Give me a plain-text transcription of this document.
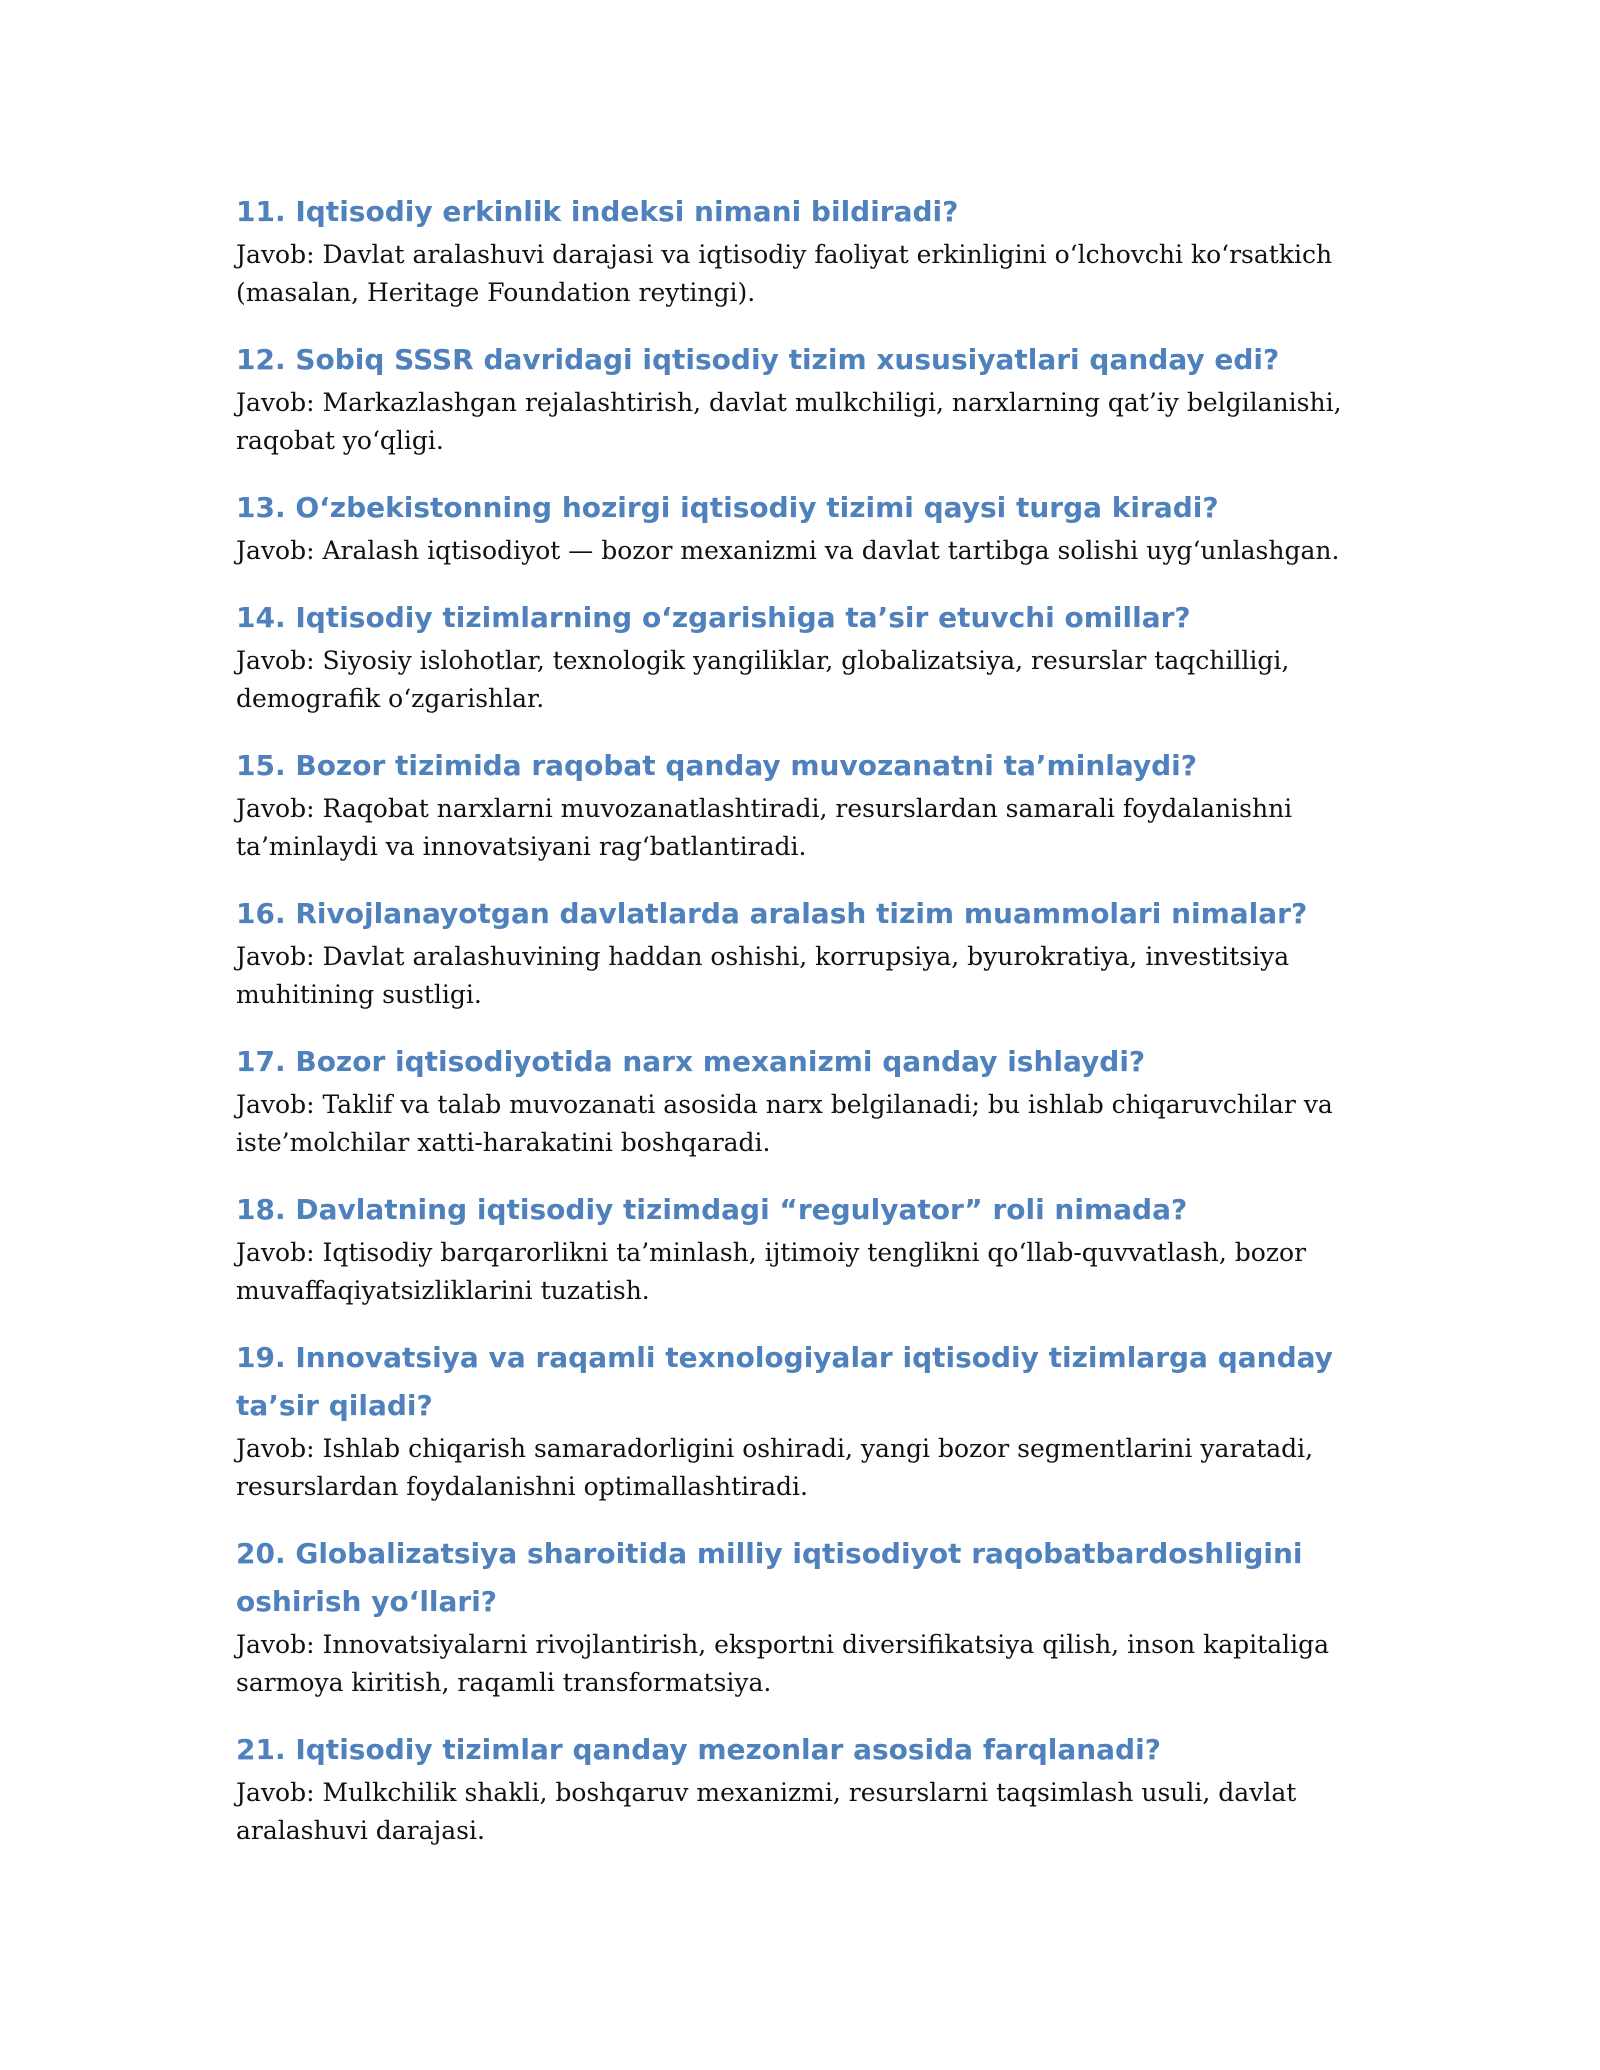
11. Iqtisodiy erkinlik indeksi nimani bildiradi?

Javob: Davlat aralashuvi darajasi va iqtisodiy faoliyat erkinligini o‘lchovchi ko‘rsatkich (masalan, Heritage Foundation reytingi).

12. Sobiq SSSR davridagi iqtisodiy tizim xususiyatlari qanday edi?

Javob: Markazlashgan rejalashtirish, davlat mulkchiligi, narxlarning qat’iy belgilanishi, raqobat yo‘qligi.

13. O‘zbekistonning hozirgi iqtisodiy tizimi qaysi turga kiradi?

Javob: Aralash iqtisodiyot — bozor mexanizmi va davlat tartibga solishi uyg‘unlashgan.

14. Iqtisodiy tizimlarning o‘zgarishiga ta’sir etuvchi omillar?

Javob: Siyosiy islohotlar, texnologik yangiliklar, globalizatsiya, resurslar taqchilligi, demografik o‘zgarishlar.

15. Bozor tizimida raqobat qanday muvozanatni ta’minlaydi?

Javob: Raqobat narxlarni muvozanatlashtiradi, resurslardan samarali foydalanishni ta’minlaydi va innovatsiyani rag‘batlantiradi.

16. Rivojlanayotgan davlatlarda aralash tizim muammolari nimalar?

Javob: Davlat aralashuvining haddan oshishi, korrupsiya, byurokratiya, investitsiya muhitining sustligi.

17. Bozor iqtisodiyotida narx mexanizmi qanday ishlaydi?

Javob: Taklif va talab muvozanati asosida narx belgilanadi; bu ishlab chiqaruvchilar va iste’molchilar xatti-harakatini boshqaradi.

18. Davlatning iqtisodiy tizimdagi “regulyator” roli nimada?

Javob: Iqtisodiy barqarorlikni ta’minlash, ijtimoiy tenglikni qo‘llab-quvvatlash, bozor muvaffaqiyatsizliklarini tuzatish.

19. Innovatsiya va raqamli texnologiyalar iqtisodiy tizimlarga qanday ta’sir qiladi?

Javob: Ishlab chiqarish samaradorligini oshiradi, yangi bozor segmentlarini yaratadi, resurslardan foydalanishni optimallashtiradi.

20. Globalizatsiya sharoitida milliy iqtisodiyot raqobatbardoshligini oshirish yo‘llari?

Javob: Innovatsiyalarni rivojlantirish, eksportni diversifikatsiya qilish, inson kapitaliga sarmoya kiritish, raqamli transformatsiya.

21. Iqtisodiy tizimlar qanday mezonlar asosida farqlanadi?

Javob: Mulkchilik shakli, boshqaruv mexanizmi, resurslarni taqsimlash usuli, davlat aralashuvi darajasi.
